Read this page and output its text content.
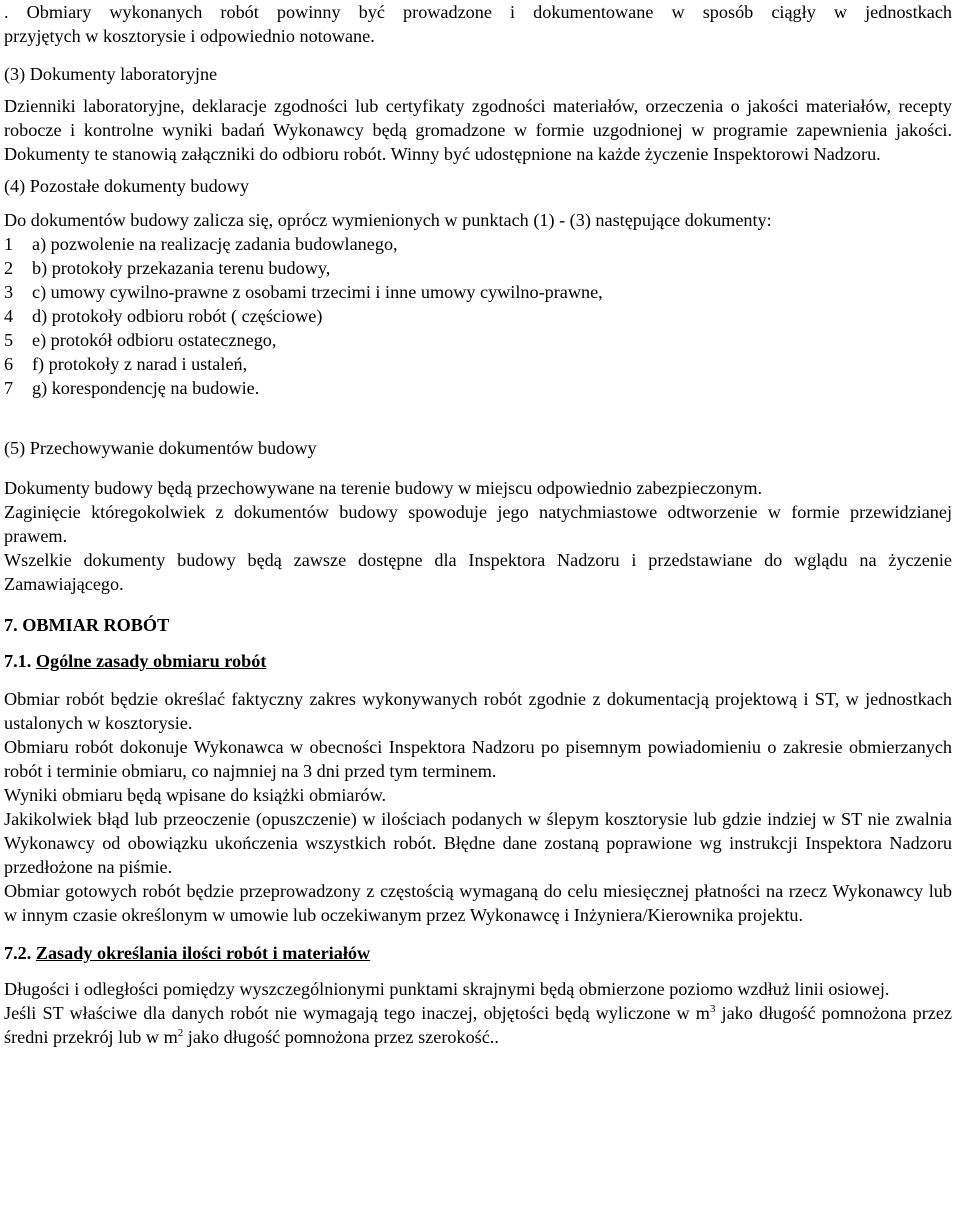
. Obmiary wykonanych robót powinny być prowadzone i dokumentowane w sposób ciągły w jednostkach

przyjętych w kosztorysie i odpowiednio notowane.

(3) Dokumenty laboratoryjne

Dzienniki laboratoryjne, deklaracje zgodności lub certyfikaty zgodności materiałów, orzeczenia o jakości materiałów, recepty robocze i kontrolne wyniki badań Wykonawcy będą gromadzone w formie uzgodnionej w programie zapewnienia jakości. Dokumenty te stanowią załączniki do odbioru robót. Winny być udostępnione na każde życzenie Inspektorowi Nadzoru.

(4) Pozostałe dokumenty budowy

Do dokumentów budowy zalicza się, oprócz wymienionych w punktach (1) - (3) następujące dokumenty:

1	a) pozwolenie na realizację zadania budowlanego,
2	b) protokoły przekazania terenu budowy,
3	c) umowy cywilno-prawne z osobami trzecimi i inne umowy cywilno-prawne,
4	d) protokoły odbioru robót ( częściowe)
5	e) protokół odbioru ostatecznego,
6	f) protokoły z narad i ustaleń,
7	g) korespondencję na budowie.

(5) Przechowywanie dokumentów budowy

Dokumenty budowy będą przechowywane na terenie budowy w miejscu odpowiednio zabezpieczonym.

Zaginięcie któregokolwiek z dokumentów budowy spowoduje jego natychmiastowe odtworzenie w formie przewidzianej prawem.

Wszelkie dokumenty budowy będą zawsze dostępne dla Inspektora Nadzoru i przedstawiane do wglądu na życzenie Zamawiającego.

7. OBMIAR ROBÓT

7.1. Ogólne zasady obmiaru robót

Obmiar robót będzie określać faktyczny zakres wykonywanych robót zgodnie z dokumentacją projektową i ST, w jednostkach ustalonych w kosztorysie.

Obmiaru robót dokonuje Wykonawca w obecności Inspektora Nadzoru po pisemnym powiadomieniu o zakresie obmierzanych robót i terminie obmiaru, co najmniej na 3 dni przed tym terminem.

Wyniki obmiaru będą wpisane do książki obmiarów.

Jakikolwiek błąd lub przeoczenie (opuszczenie) w ilościach podanych w ślepym kosztorysie lub gdzie indziej w ST nie zwalnia Wykonawcy od obowiązku ukończenia wszystkich robót. Błędne dane zostaną poprawione wg instrukcji Inspektora Nadzoru przedłożone na piśmie.

Obmiar gotowych robót będzie przeprowadzony z częstością wymaganą do celu miesięcznej płatności na rzecz Wykonawcy lub w innym czasie określonym w umowie lub oczekiwanym przez Wykonawcę i Inżyniera/Kierownika projektu.

7.2. Zasady określania ilości robót i materiałów

Długości i odległości pomiędzy wyszczególnionymi punktami skrajnymi będą obmierzone poziomo wzdłuż linii osiowej.

Jeśli ST właściwe dla danych robót nie wymagają tego inaczej, objętości będą wyliczone w $m^3$ jako długość pomnożona przez średni przekrój lub w $m^2$ jako długość pomnożona przez szerokość..
